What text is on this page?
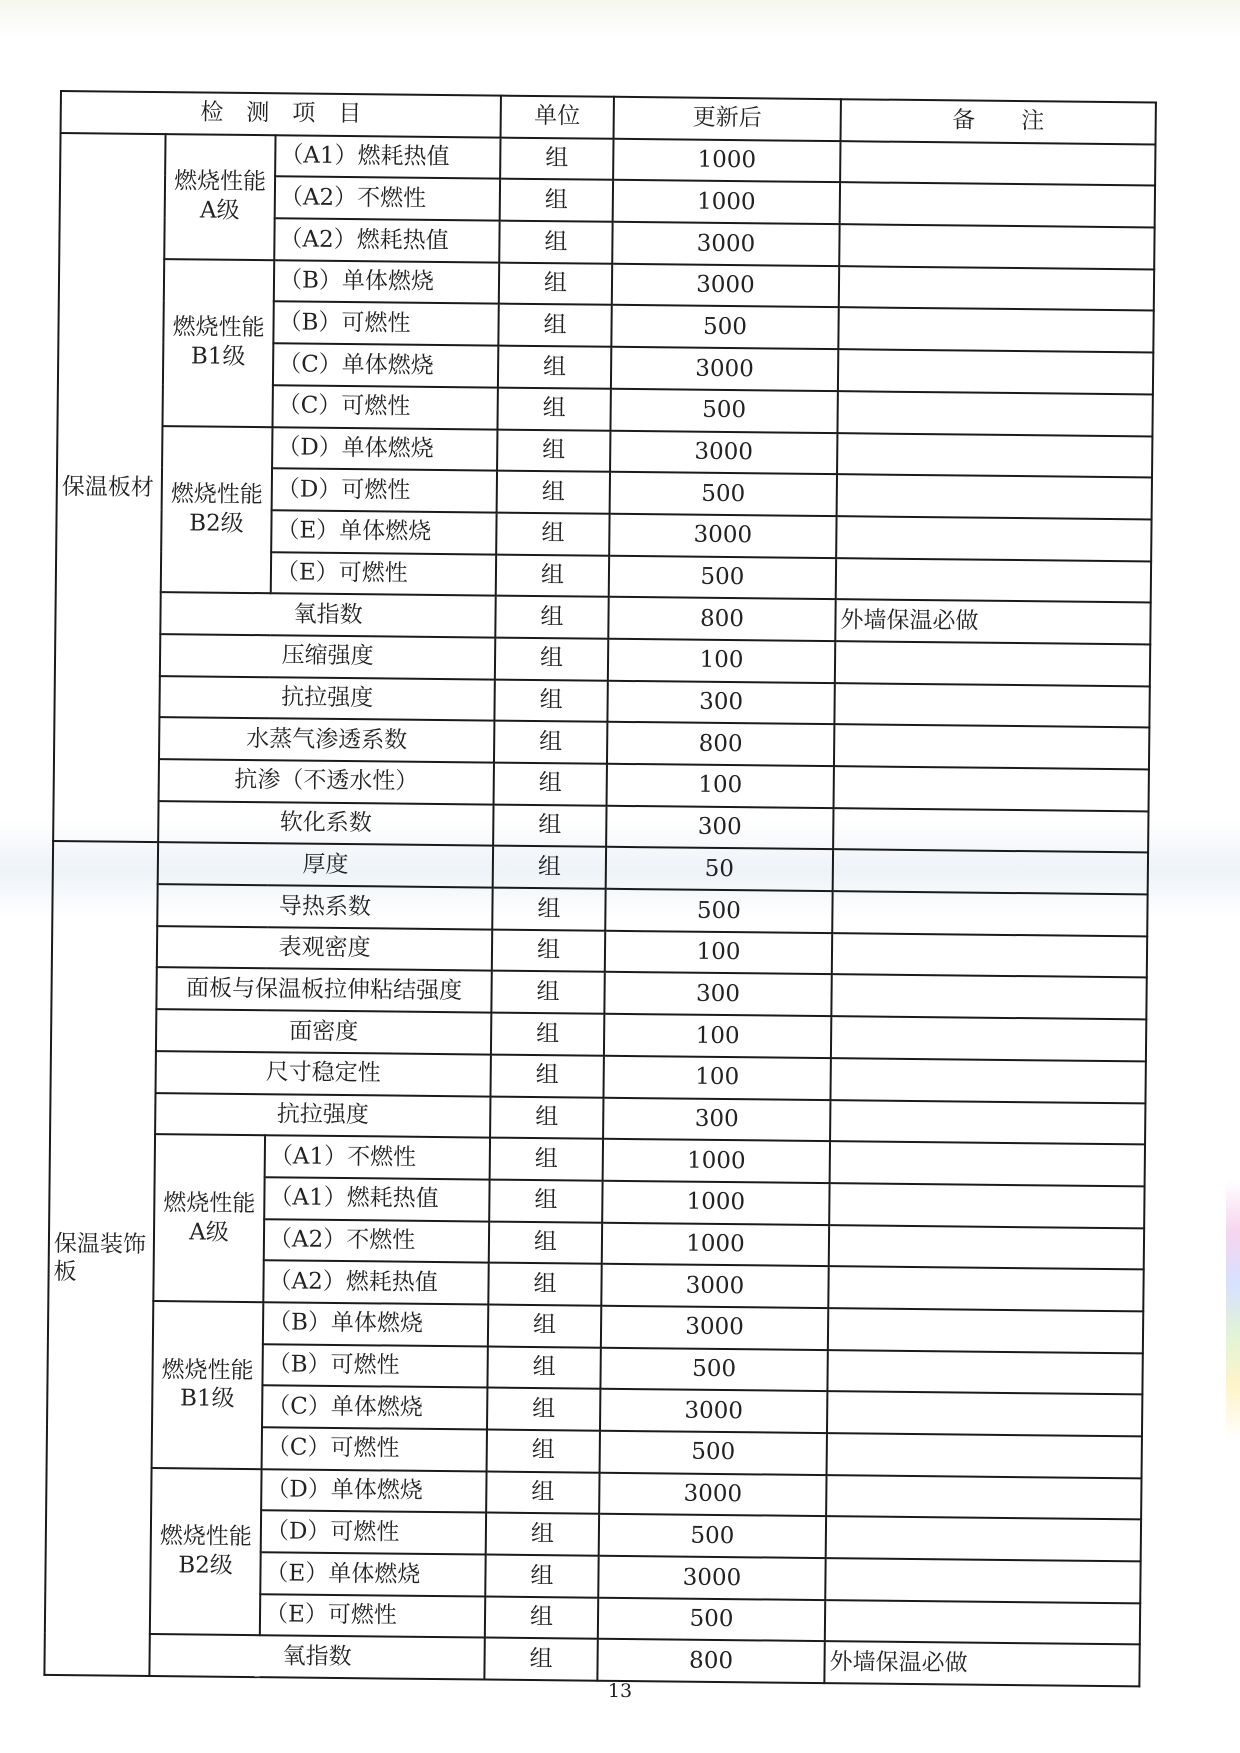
检　测　项　目			单位	更新后	备　　注
保温板材	燃烧性能A级	（A1）燃耗热值	组	1000	
		（A2）不燃性	组	1000	
		（A2）燃耗热值	组	3000	
	燃烧性能B1级	（B）单体燃烧	组	3000	
		（B）可燃性	组	500	
		（C）单体燃烧	组	3000	
		（C）可燃性	组	500	
	燃烧性能B2级	（D）单体燃烧	组	3000	
		（D）可燃性	组	500	
		（E）单体燃烧	组	3000	
		（E）可燃性	组	500	
	氧指数		组	800	外墙保温必做
	压缩强度		组	100	
	抗拉强度		组	300	
	水蒸气渗透系数		组	800	
	抗渗（不透水性）		组	100	
	软化系数		组	300	
保温装饰板	厚度		组	50	
	导热系数		组	500	
	表观密度		组	100	
	面板与保温板拉伸粘结强度		组	300	
	面密度		组	100	
	尺寸稳定性		组	100	
	抗拉强度		组	300	
	燃烧性能A级	（A1）不燃性	组	1000	
		（A1）燃耗热值	组	1000	
		（A2）不燃性	组	1000	
		（A2）燃耗热值	组	3000	
	燃烧性能B1级	（B）单体燃烧	组	3000	
		（B）可燃性	组	500	
		（C）单体燃烧	组	3000	
		（C）可燃性	组	500	
	燃烧性能B2级	（D）单体燃烧	组	3000	
		（D）可燃性	组	500	
		（E）单体燃烧	组	3000	
		（E）可燃性	组	500	
	氧指数		组	800	外墙保温必做
13
